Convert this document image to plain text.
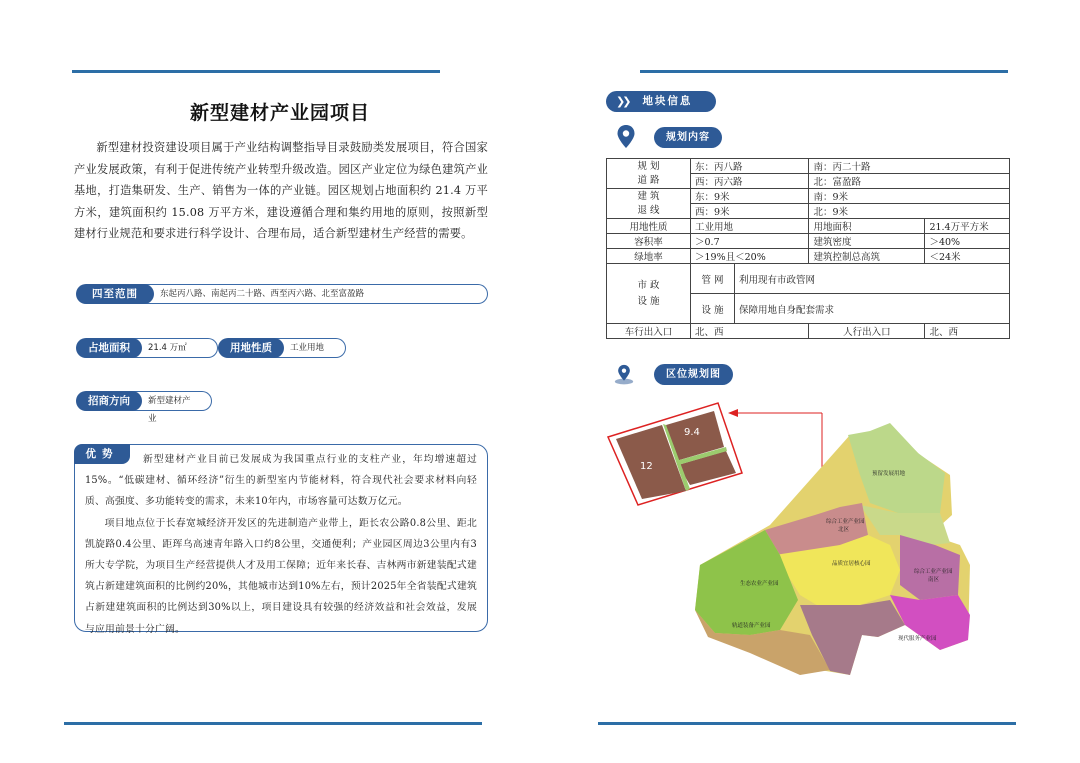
新型建材产业园项目
新型建材投资建设项目属于产业结构调整指导目录鼓励类发展项目，符合国家产业发展政策，有利于促进传统产业转型升级改造。园区产业定位为绿色建筑产业基地，打造集研发、生产、销售为一体的产业链。园区规划占地面积约 21.4 万平方米，建筑面积约 15.08 万平方米，建设遵循合理和集约用地的原则，按照新型建材行业规范和要求进行科学设计、合理布局，适合新型建材生产经营的需要。
四至范围	东起丙八路、南起丙二十路、西至丙六路、北至富盈路
占地面积	21.4 万㎡	用地性质	工业用地
招商方向	新型建材产业
优势	新型建材产业目前已发展成为我国重点行业的支柱产业，年均增速超过15%。“低碳建材、循环经济”衍生的新型室内节能材料，符合现代社会要求材料向轻质、高强度、多功能转变的需求，未来10年内，市场容量可达数万亿元。

项目地点位于长春宽城经济开发区的先进制造产业带上，距长农公路0.8公里、距北凯旋路0.4公里、距珲乌高速青年路入口约8公里，交通便利；产业园区周边3公里内有3所大专学院，为项目生产经营提供人才及用工保障；近年来长春、吉林两市新建装配式建筑占新建建筑面积的比例约20%，其他城市达到10%左右，预计2025年全省装配式建筑占新建建筑面积的比例达到30%以上，项目建设具有较强的经济效益和社会效益，发展与应用前景十分广阔。

❯❯ 地块信息
规划内容
规 划
道 路	东：丙八路		南：丙二十路	
	西：丙六路		北：富盈路	
建 筑
退 线	东：9米		南：9米	
	西：9米		北：9米	
用地性质	工业用地		用地面积	21.4万平方米
容积率	＞0.7		建筑密度	＞40%
绿地率	＞19%且＜20%		建筑控制总高筑	＜24米
市 政
设 施	管 网	利用现有市政管网		
	设 施	保障用地自身配套需求		
车行出入口	北、西		人行出入口	北、西
区位规划图
12
9.4
预留发展用地
综合工业产业园
北区
品质宜居核心园
综合工业产业园
南区
生态农业产业园
轨道装备产业园
现代服务产业园
